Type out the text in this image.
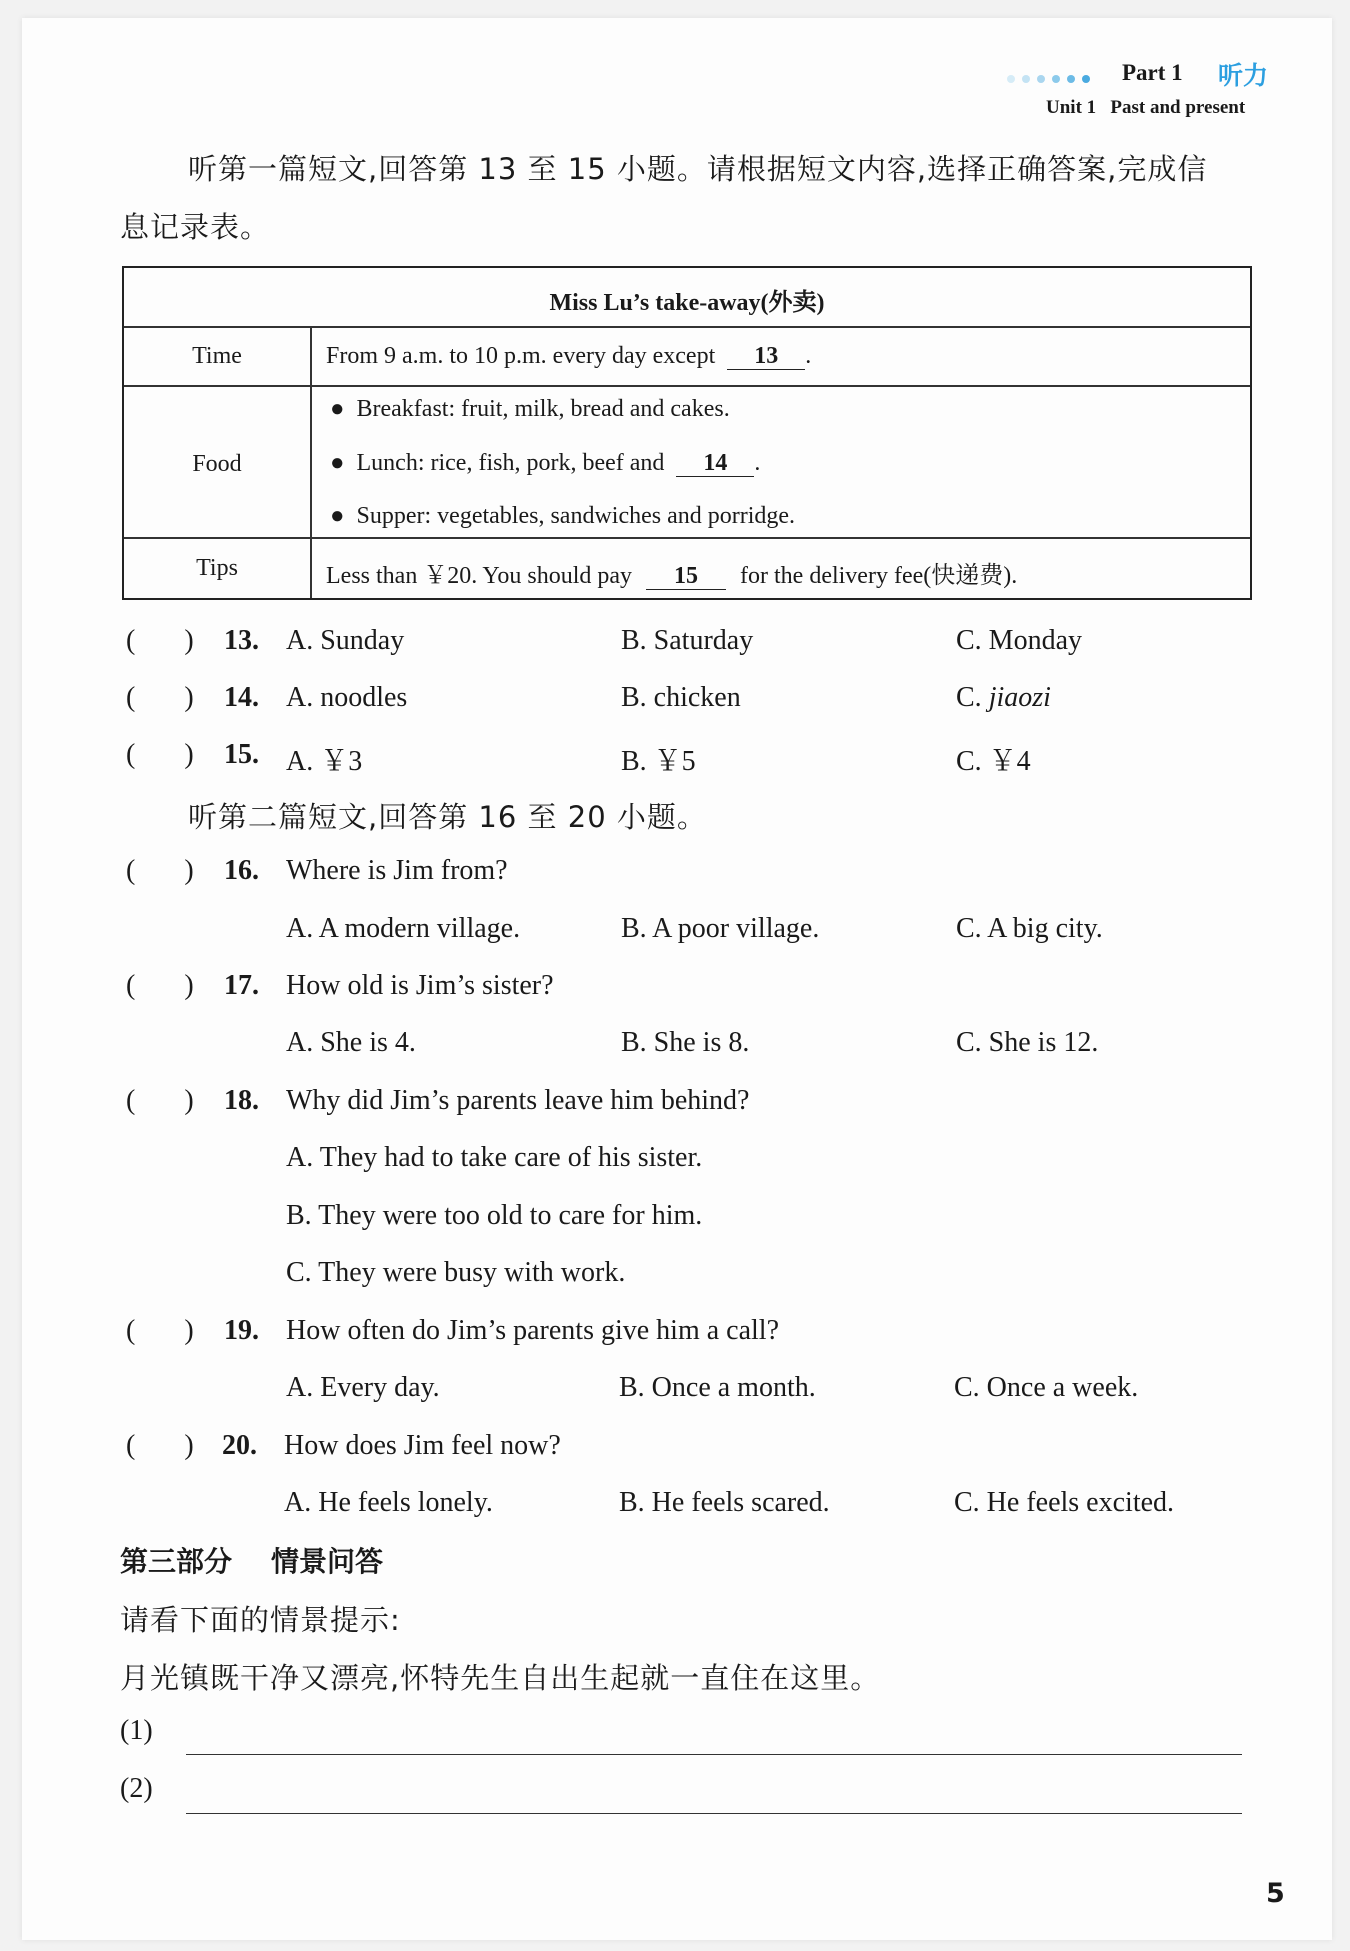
Part 1 听力
Unit 1 Past and present
听第一篇短文,回答第 13 至 15 小题。请根据短文内容,选择正确答案,完成信
息记录表。
Miss Lu’s take-away(外卖)
Time	From 9 a.m. to 10 p.m. every day except 13 .
Food
● Breakfast: fruit, milk, bread and cakes.
● Lunch: rice, fish, pork, beef and 14 .
● Supper: vegetables, sandwiches and porridge.
Tips	Less than ￥20. You should pay 15 for the delivery fee(快递费).
(       ) 13. A. Sunday	B. Saturday	C. Monday
(       ) 14. A. noodles	B. chicken	C. jiaozi
(       ) 15. A. ￥3	B. ￥5	C. ￥4
听第二篇短文,回答第 16 至 20 小题。
(       ) 16. Where is Jim from?
A. A modern village.	B. A poor village.	C. A big city.
(       ) 17. How old is Jim’s sister?
A. She is 4.	B. She is 8.	C. She is 12.
(       ) 18. Why did Jim’s parents leave him behind?
A. They had to take care of his sister.
B. They were too old to care for him.
C. They were busy with work.
(       ) 19. How often do Jim’s parents give him a call?
A. Every day.	B. Once a month.	C. Once a week.
(       ) 20. How does Jim feel now?
A. He feels lonely.	B. He feels scared.	C. He feels excited.
第三部分 情景问答
请看下面的情景提示:
月光镇既干净又漂亮,怀特先生自出生起就一直住在这里。
(1)
(2)
5
